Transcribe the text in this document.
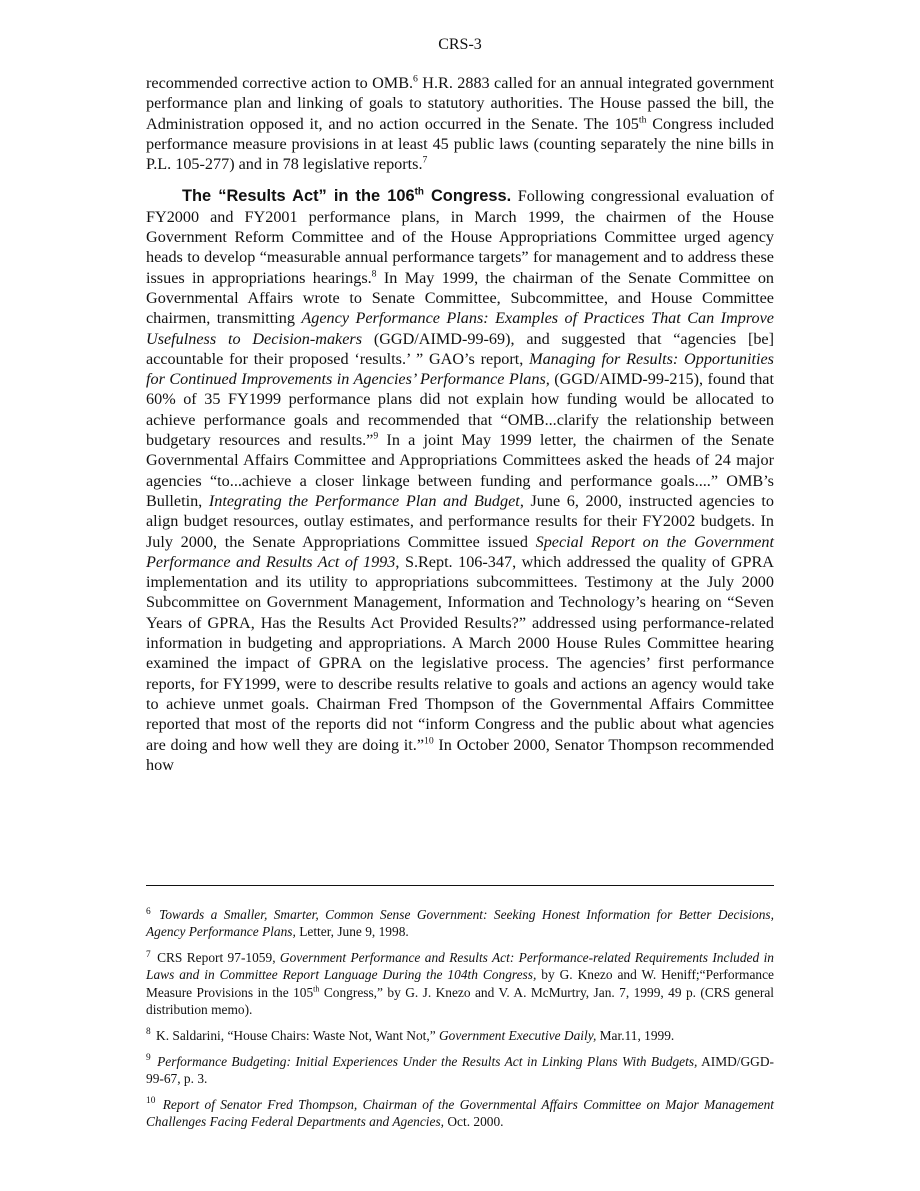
CRS-3

recommended corrective action to OMB.$^6$ H.R. 2883 called for an annual integrated government performance plan and linking of goals to statutory authorities. The House passed the bill, the Administration opposed it, and no action occurred in the Senate. The 105th Congress included performance measure provisions in at least 45 public laws (counting separately the nine bills in P.L. 105-277) and in 78 legislative reports.$^7$

The “Results Act” in the 106th Congress. Following congressional evaluation of FY2000 and FY2001 performance plans, in March 1999, the chairmen of the House Government Reform Committee and of the House Appropriations Committee urged agency heads to develop “measurable annual performance targets” for management and to address these issues in appropriations hearings.$^8$ In May 1999, the chairman of the Senate Committee on Governmental Affairs wrote to Senate Committee, Subcommittee, and House Committee chairmen, transmitting Agency Performance Plans: Examples of Practices That Can Improve Usefulness to Decision-makers (GGD/AIMD-99-69), and suggested that “agencies [be] accountable for their proposed ‘results.’ ” GAO’s report, Managing for Results: Opportunities for Continued Improvements in Agencies’ Performance Plans, (GGD/AIMD-99-215), found that 60% of 35 FY1999 performance plans did not explain how funding would be allocated to achieve performance goals and recommended that “OMB...clarify the relationship between budgetary resources and results.”$^9$ In a joint May 1999 letter, the chairmen of the Senate Governmental Affairs Committee and Appropriations Committees asked the heads of 24 major agencies “to...achieve a closer linkage between funding and performance goals....” OMB’s Bulletin, Integrating the Performance Plan and Budget, June 6, 2000, instructed agencies to align budget resources, outlay estimates, and performance results for their FY2002 budgets. In July 2000, the Senate Appropriations Committee issued Special Report on the Government Performance and Results Act of 1993, S.Rept. 106-347, which addressed the quality of GPRA implementation and its utility to appropriations subcommittees. Testimony at the July 2000 Subcommittee on Government Management, Information and Technology’s hearing on “Seven Years of GPRA, Has the Results Act Provided Results?” addressed using performance-related information in budgeting and appropriations. A March 2000 House Rules Committee hearing examined the impact of GPRA on the legislative process. The agencies’ first performance reports, for FY1999, were to describe results relative to goals and actions an agency would take to achieve unmet goals. Chairman Fred Thompson of the Governmental Affairs Committee reported that most of the reports did not “inform Congress and the public about what agencies are doing and how well they are doing it.”$^{10}$ In October 2000, Senator Thompson recommended how

$^6$ Towards a Smaller, Smarter, Common Sense Government: Seeking Honest Information for Better Decisions, Agency Performance Plans, Letter, June 9, 1998.

$^7$ CRS Report 97-1059, Government Performance and Results Act: Performance-related Requirements Included in Laws and in Committee Report Language During the 104th Congress, by G. Knezo and W. Heniff;“Performance Measure Provisions in the 105th Congress,” by G. J. Knezo and V. A. McMurtry, Jan. 7, 1999, 49 p. (CRS general distribution memo).

$^8$ K. Saldarini, “House Chairs: Waste Not, Want Not,” Government Executive Daily, Mar.11, 1999.

$^9$ Performance Budgeting: Initial Experiences Under the Results Act in Linking Plans With Budgets, AIMD/GGD-99-67, p. 3.

$^{10}$ Report of Senator Fred Thompson, Chairman of the Governmental Affairs Committee on Major Management Challenges Facing Federal Departments and Agencies, Oct. 2000.
